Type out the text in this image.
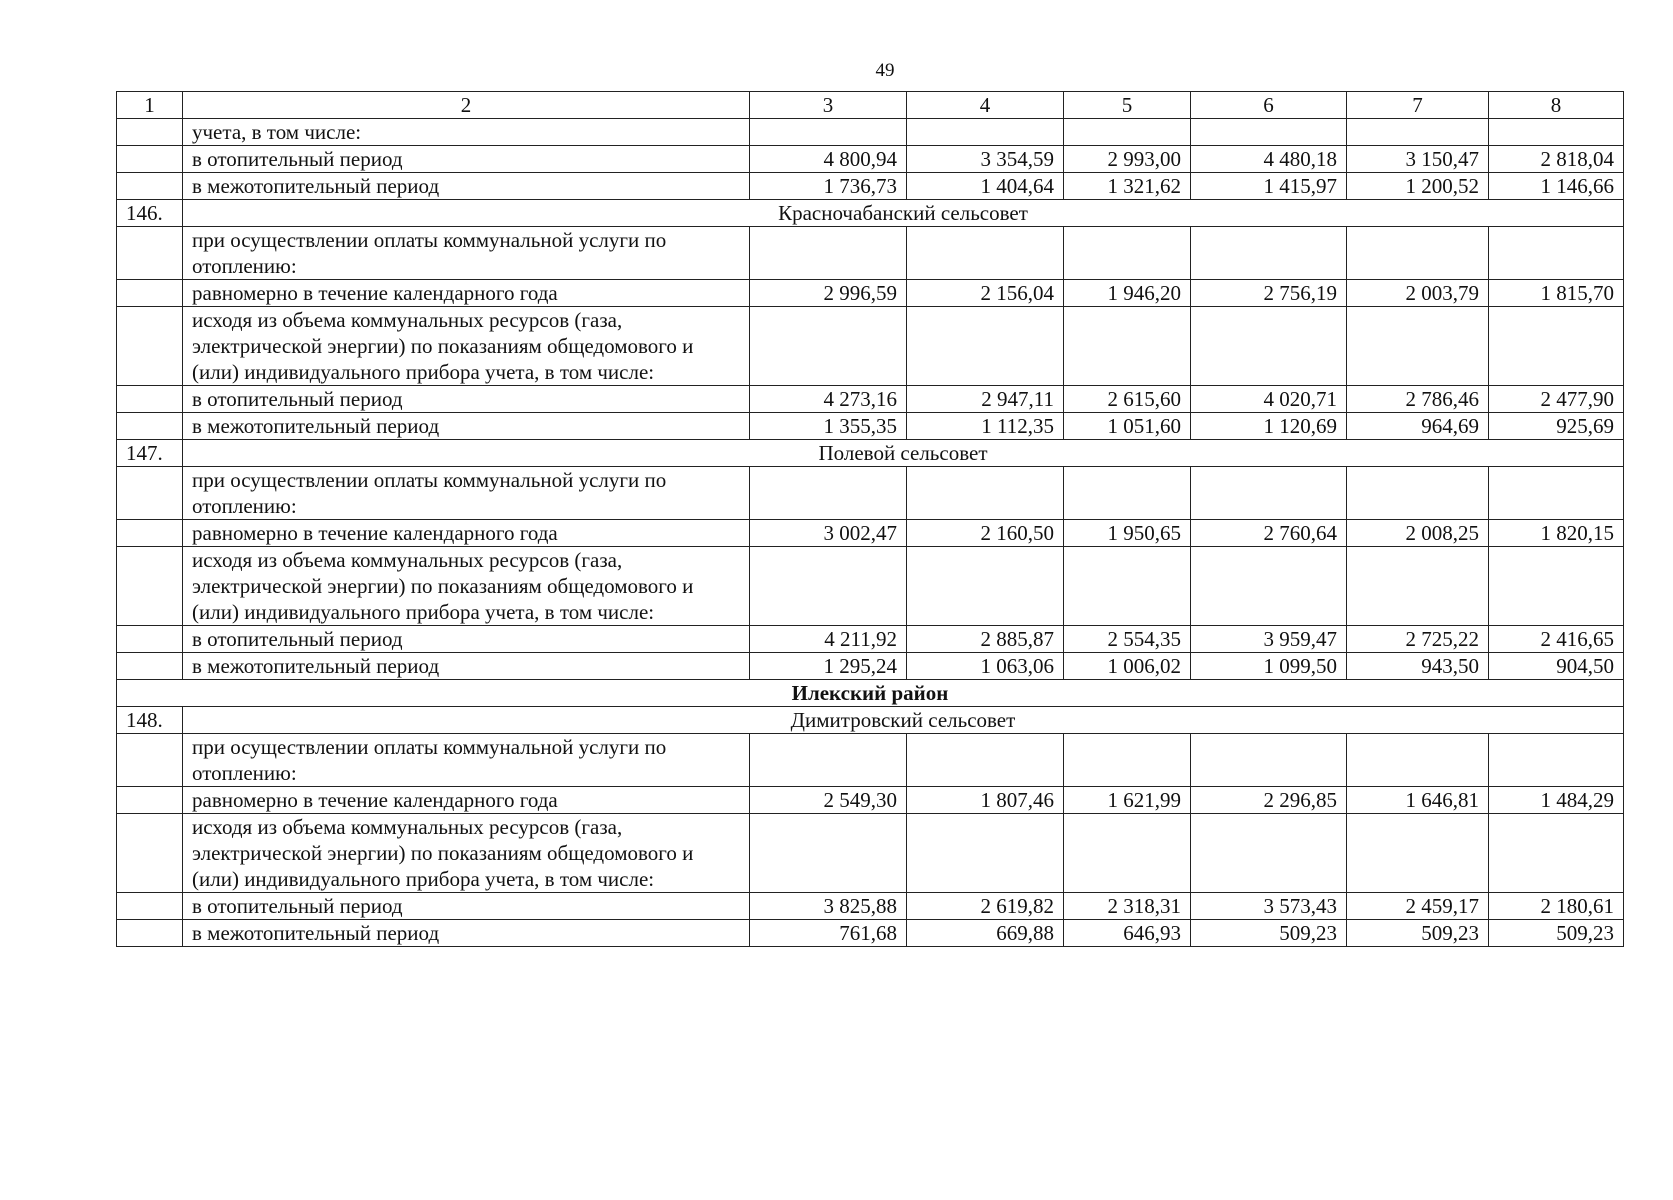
49
1	2	3	4	5	6	7	8
	учета, в том числе:						
	в отопительный период	4 800,94	3 354,59	2 993,00	4 480,18	3 150,47	2 818,04
	в межотопительный период	1 736,73	1 404,64	1 321,62	1 415,97	1 200,52	1 146,66
146.	Красночабанский сельсовет						
	при осуществлении оплаты коммунальной услуги по отоплению:						
	равномерно в течение календарного года	2 996,59	2 156,04	1 946,20	2 756,19	2 003,79	1 815,70
	исходя из объема коммунальных ресурсов (газа, электрической энергии) по показаниям общедомового и (или) индивидуального прибора учета, в том числе:						
	в отопительный период	4 273,16	2 947,11	2 615,60	4 020,71	2 786,46	2 477,90
	в межотопительный период	1 355,35	1 112,35	1 051,60	1 120,69	964,69	925,69
147.	Полевой сельсовет						
	при осуществлении оплаты коммунальной услуги по отоплению:						
	равномерно в течение календарного года	3 002,47	2 160,50	1 950,65	2 760,64	2 008,25	1 820,15
	исходя из объема коммунальных ресурсов (газа, электрической энергии) по показаниям общедомового и (или) индивидуального прибора учета, в том числе:						
	в отопительный период	4 211,92	2 885,87	2 554,35	3 959,47	2 725,22	2 416,65
	в межотопительный период	1 295,24	1 063,06	1 006,02	1 099,50	943,50	904,50
Илекский район							
148.	Димитровский сельсовет						
	при осуществлении оплаты коммунальной услуги по отоплению:						
	равномерно в течение календарного года	2 549,30	1 807,46	1 621,99	2 296,85	1 646,81	1 484,29
	исходя из объема коммунальных ресурсов (газа, электрической энергии) по показаниям общедомового и (или) индивидуального прибора учета, в том числе:						
	в отопительный период	3 825,88	2 619,82	2 318,31	3 573,43	2 459,17	2 180,61
	в межотопительный период	761,68	669,88	646,93	509,23	509,23	509,23
